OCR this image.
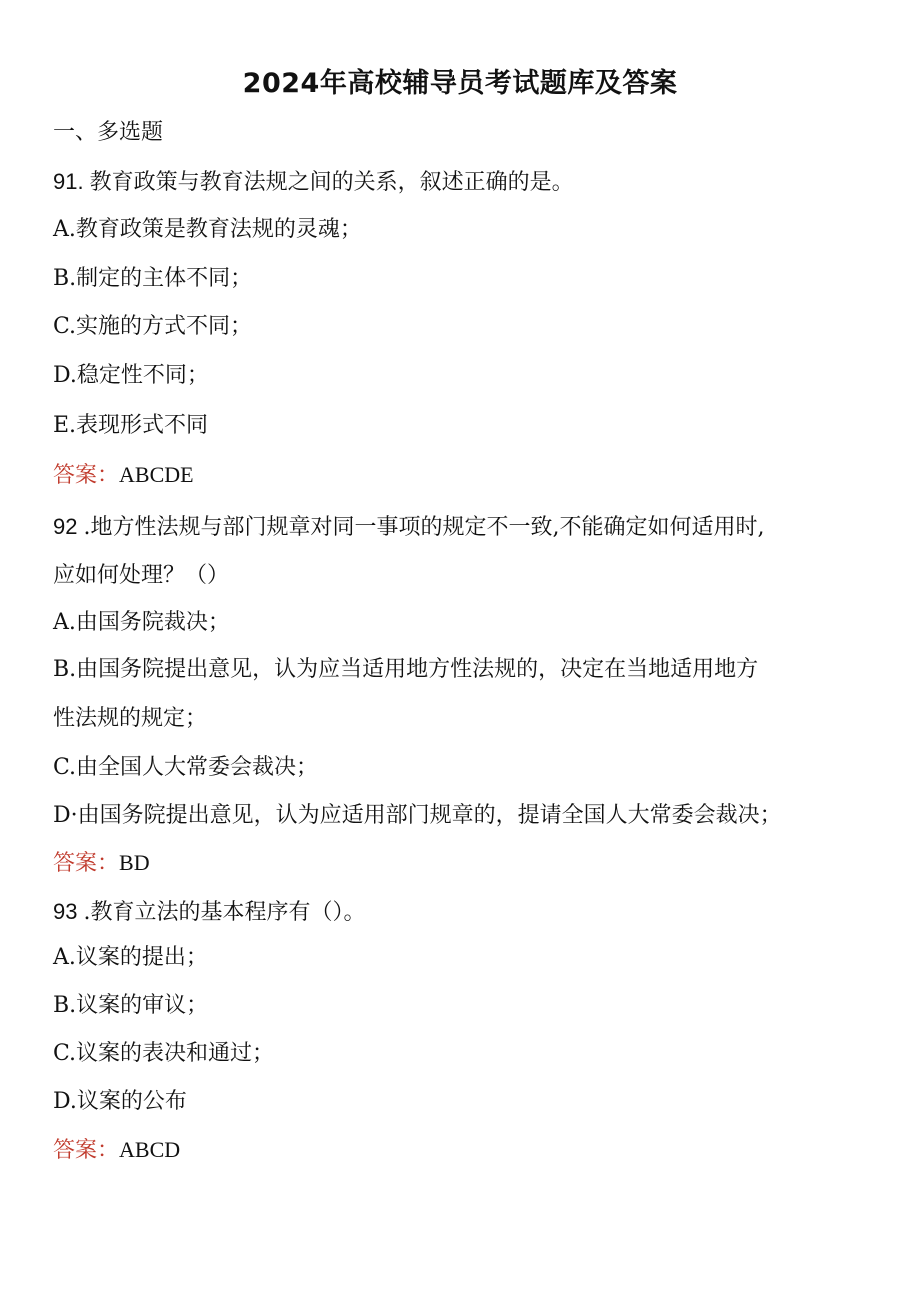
2024年高校辅导员考试题库及答案
一、多选题
91. 教育政策与教育法规之间的关系，叙述正确的是。
A.教育政策是教育法规的灵魂；
B.制定的主体不同；
C.实施的方式不同；
D.稳定性不同；
E.表现形式不同
答案：ABCDE
92 .地方性法规与部门规章对同一事项的规定不一致,不能确定如何适用时,
应如何处理？（）
A.由国务院裁决；
B.由国务院提出意见，认为应当适用地方性法规的，决定在当地适用地方
性法规的规定；
C.由全国人大常委会裁决；
D·由国务院提出意见，认为应适用部门规章的，提请全国人大常委会裁决；
答案：BD
93 .教育立法的基本程序有（）。
A.议案的提出；
B.议案的审议；
C.议案的表决和通过；
D.议案的公布
答案：ABCD
